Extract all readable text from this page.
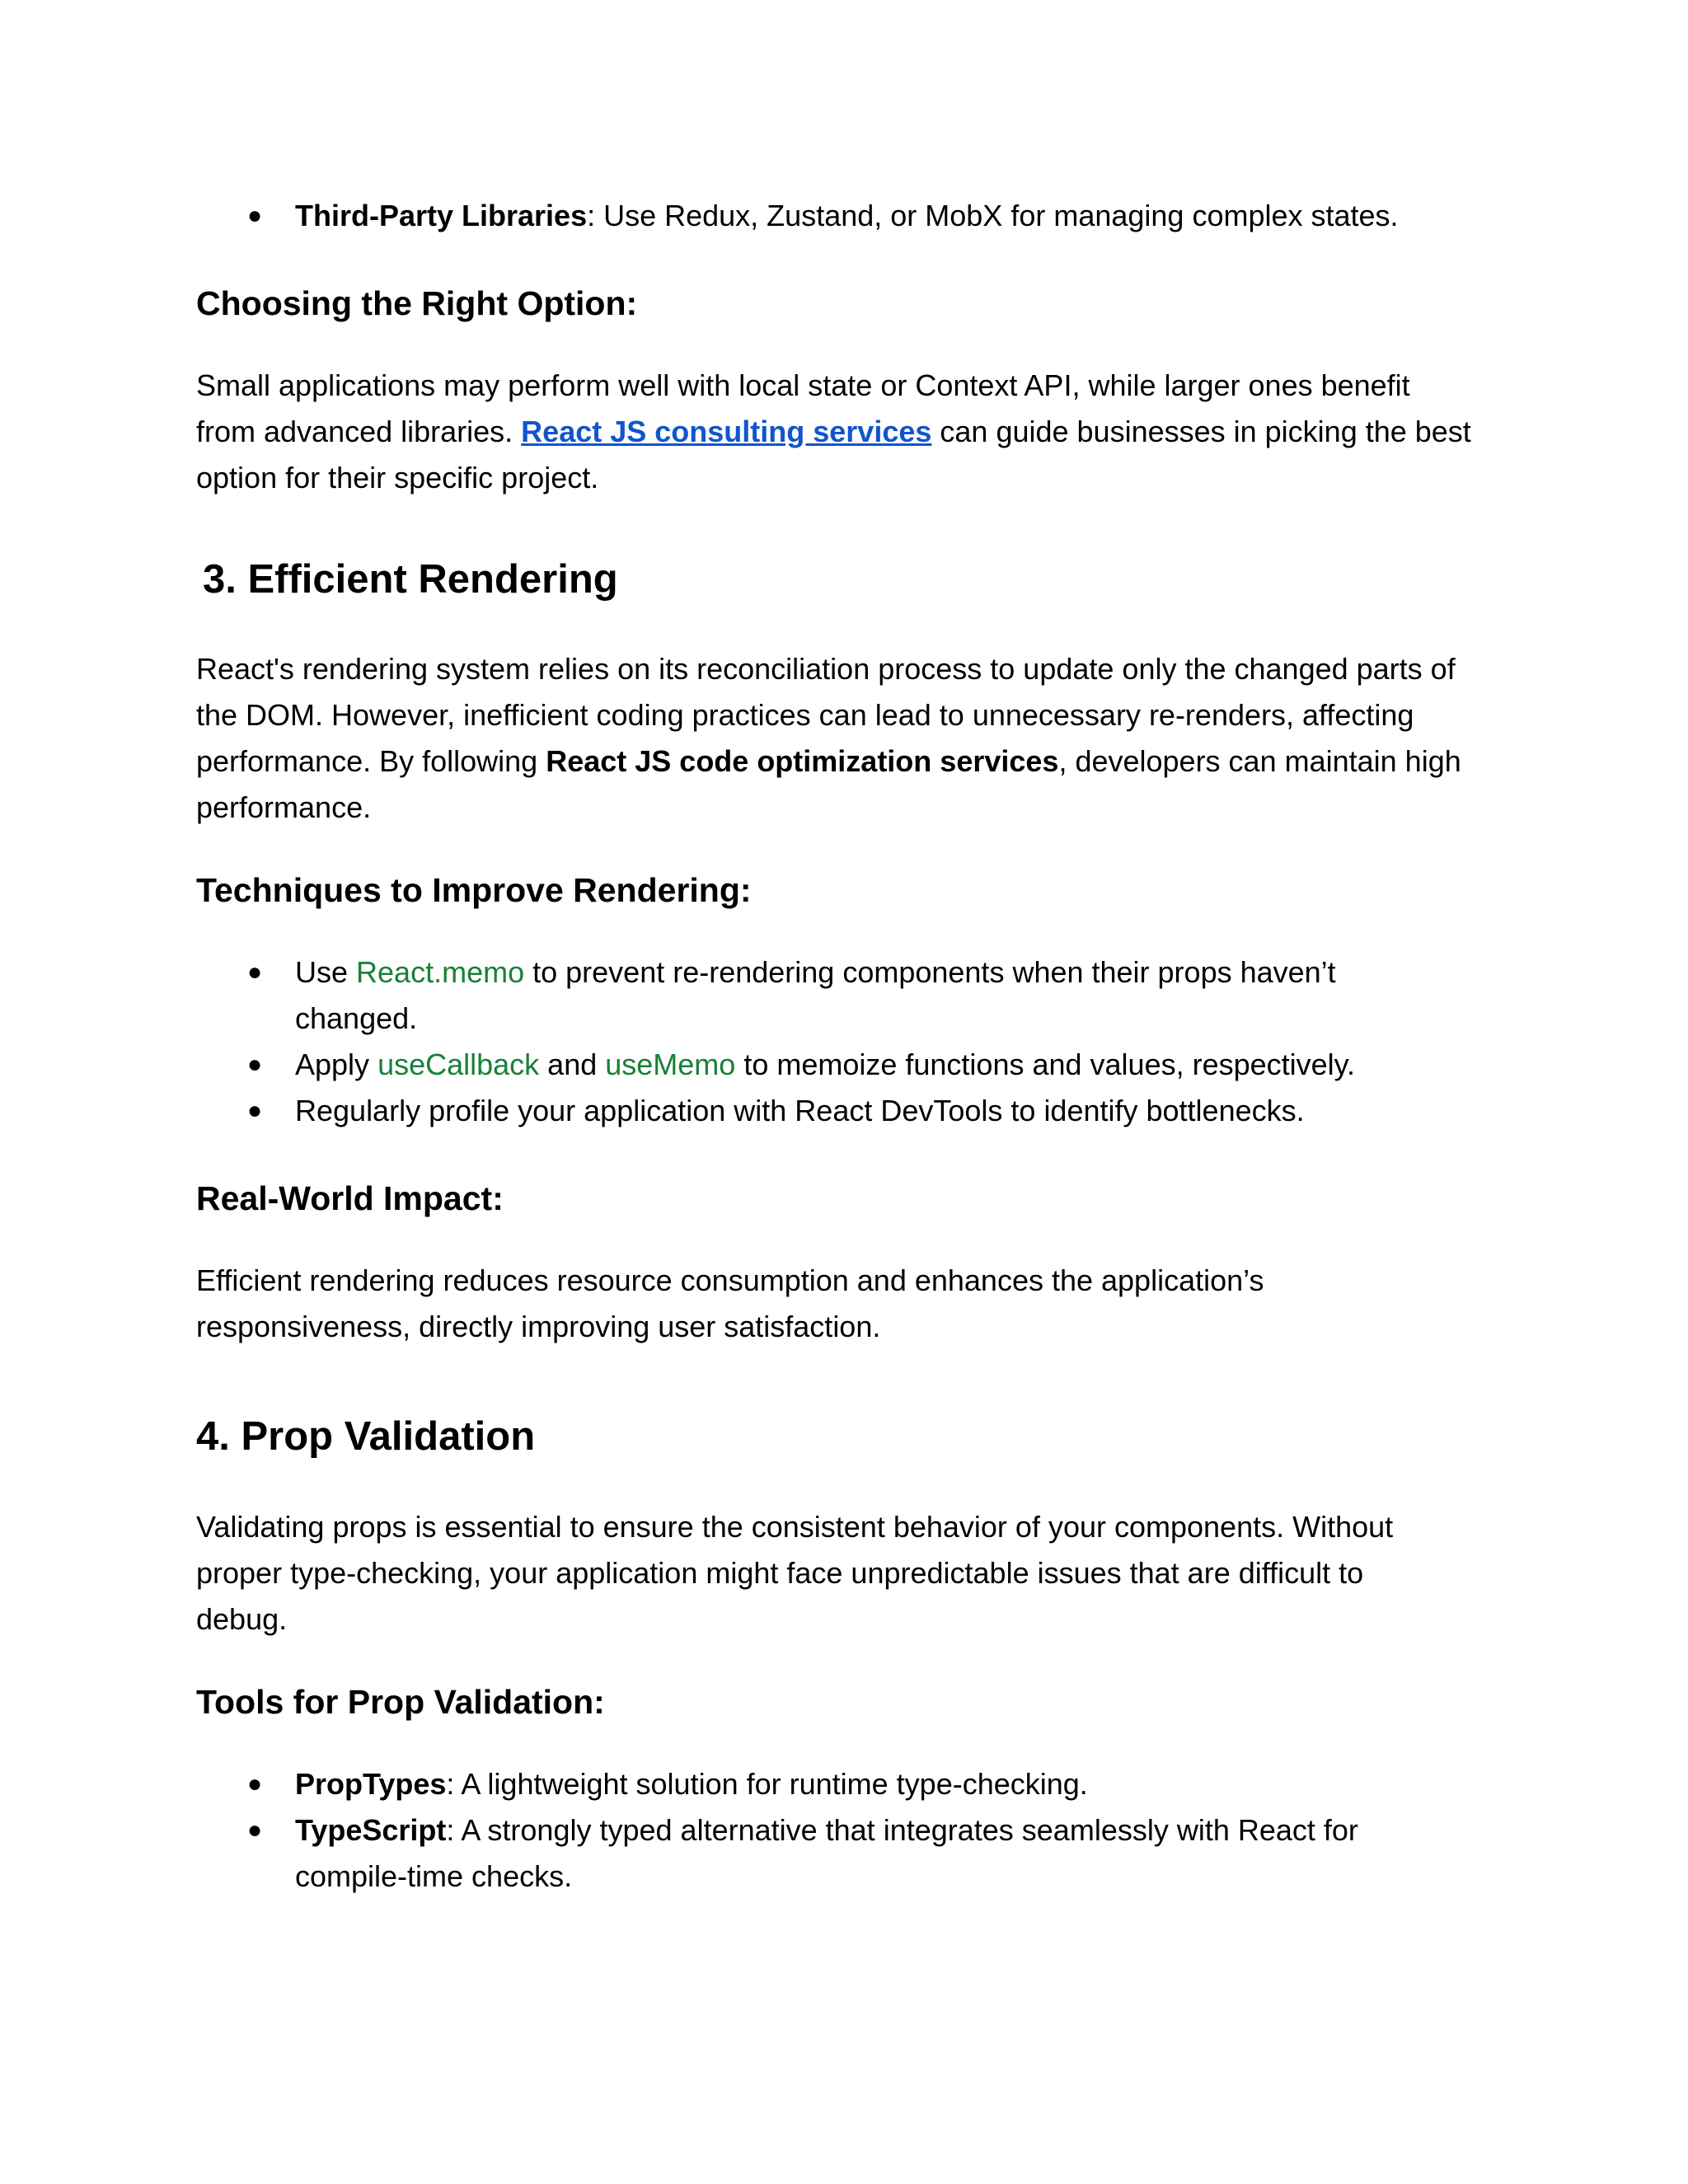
● Third-Party Libraries: Use Redux, Zustand, or MobX for managing complex states.
Choosing the Right Option:
Small applications may perform well with local state or Context API, while larger ones benefit
from advanced libraries. React JS consulting services can guide businesses in picking the best
option for their specific project.
3. Efficient Rendering
React's rendering system relies on its reconciliation process to update only the changed parts of
the DOM. However, inefficient coding practices can lead to unnecessary re-renders, affecting
performance. By following React JS code optimization services, developers can maintain high
performance.
Techniques to Improve Rendering:
● Use React.memo to prevent re-rendering components when their props haven’t
changed.
● Apply useCallback and useMemo to memoize functions and values, respectively.
● Regularly profile your application with React DevTools to identify bottlenecks.
Real-World Impact:
Efficient rendering reduces resource consumption and enhances the application’s
responsiveness, directly improving user satisfaction.
4. Prop Validation
Validating props is essential to ensure the consistent behavior of your components. Without
proper type-checking, your application might face unpredictable issues that are difficult to
debug.
Tools for Prop Validation:
● PropTypes: A lightweight solution for runtime type-checking.
● TypeScript: A strongly typed alternative that integrates seamlessly with React for
compile-time checks.
